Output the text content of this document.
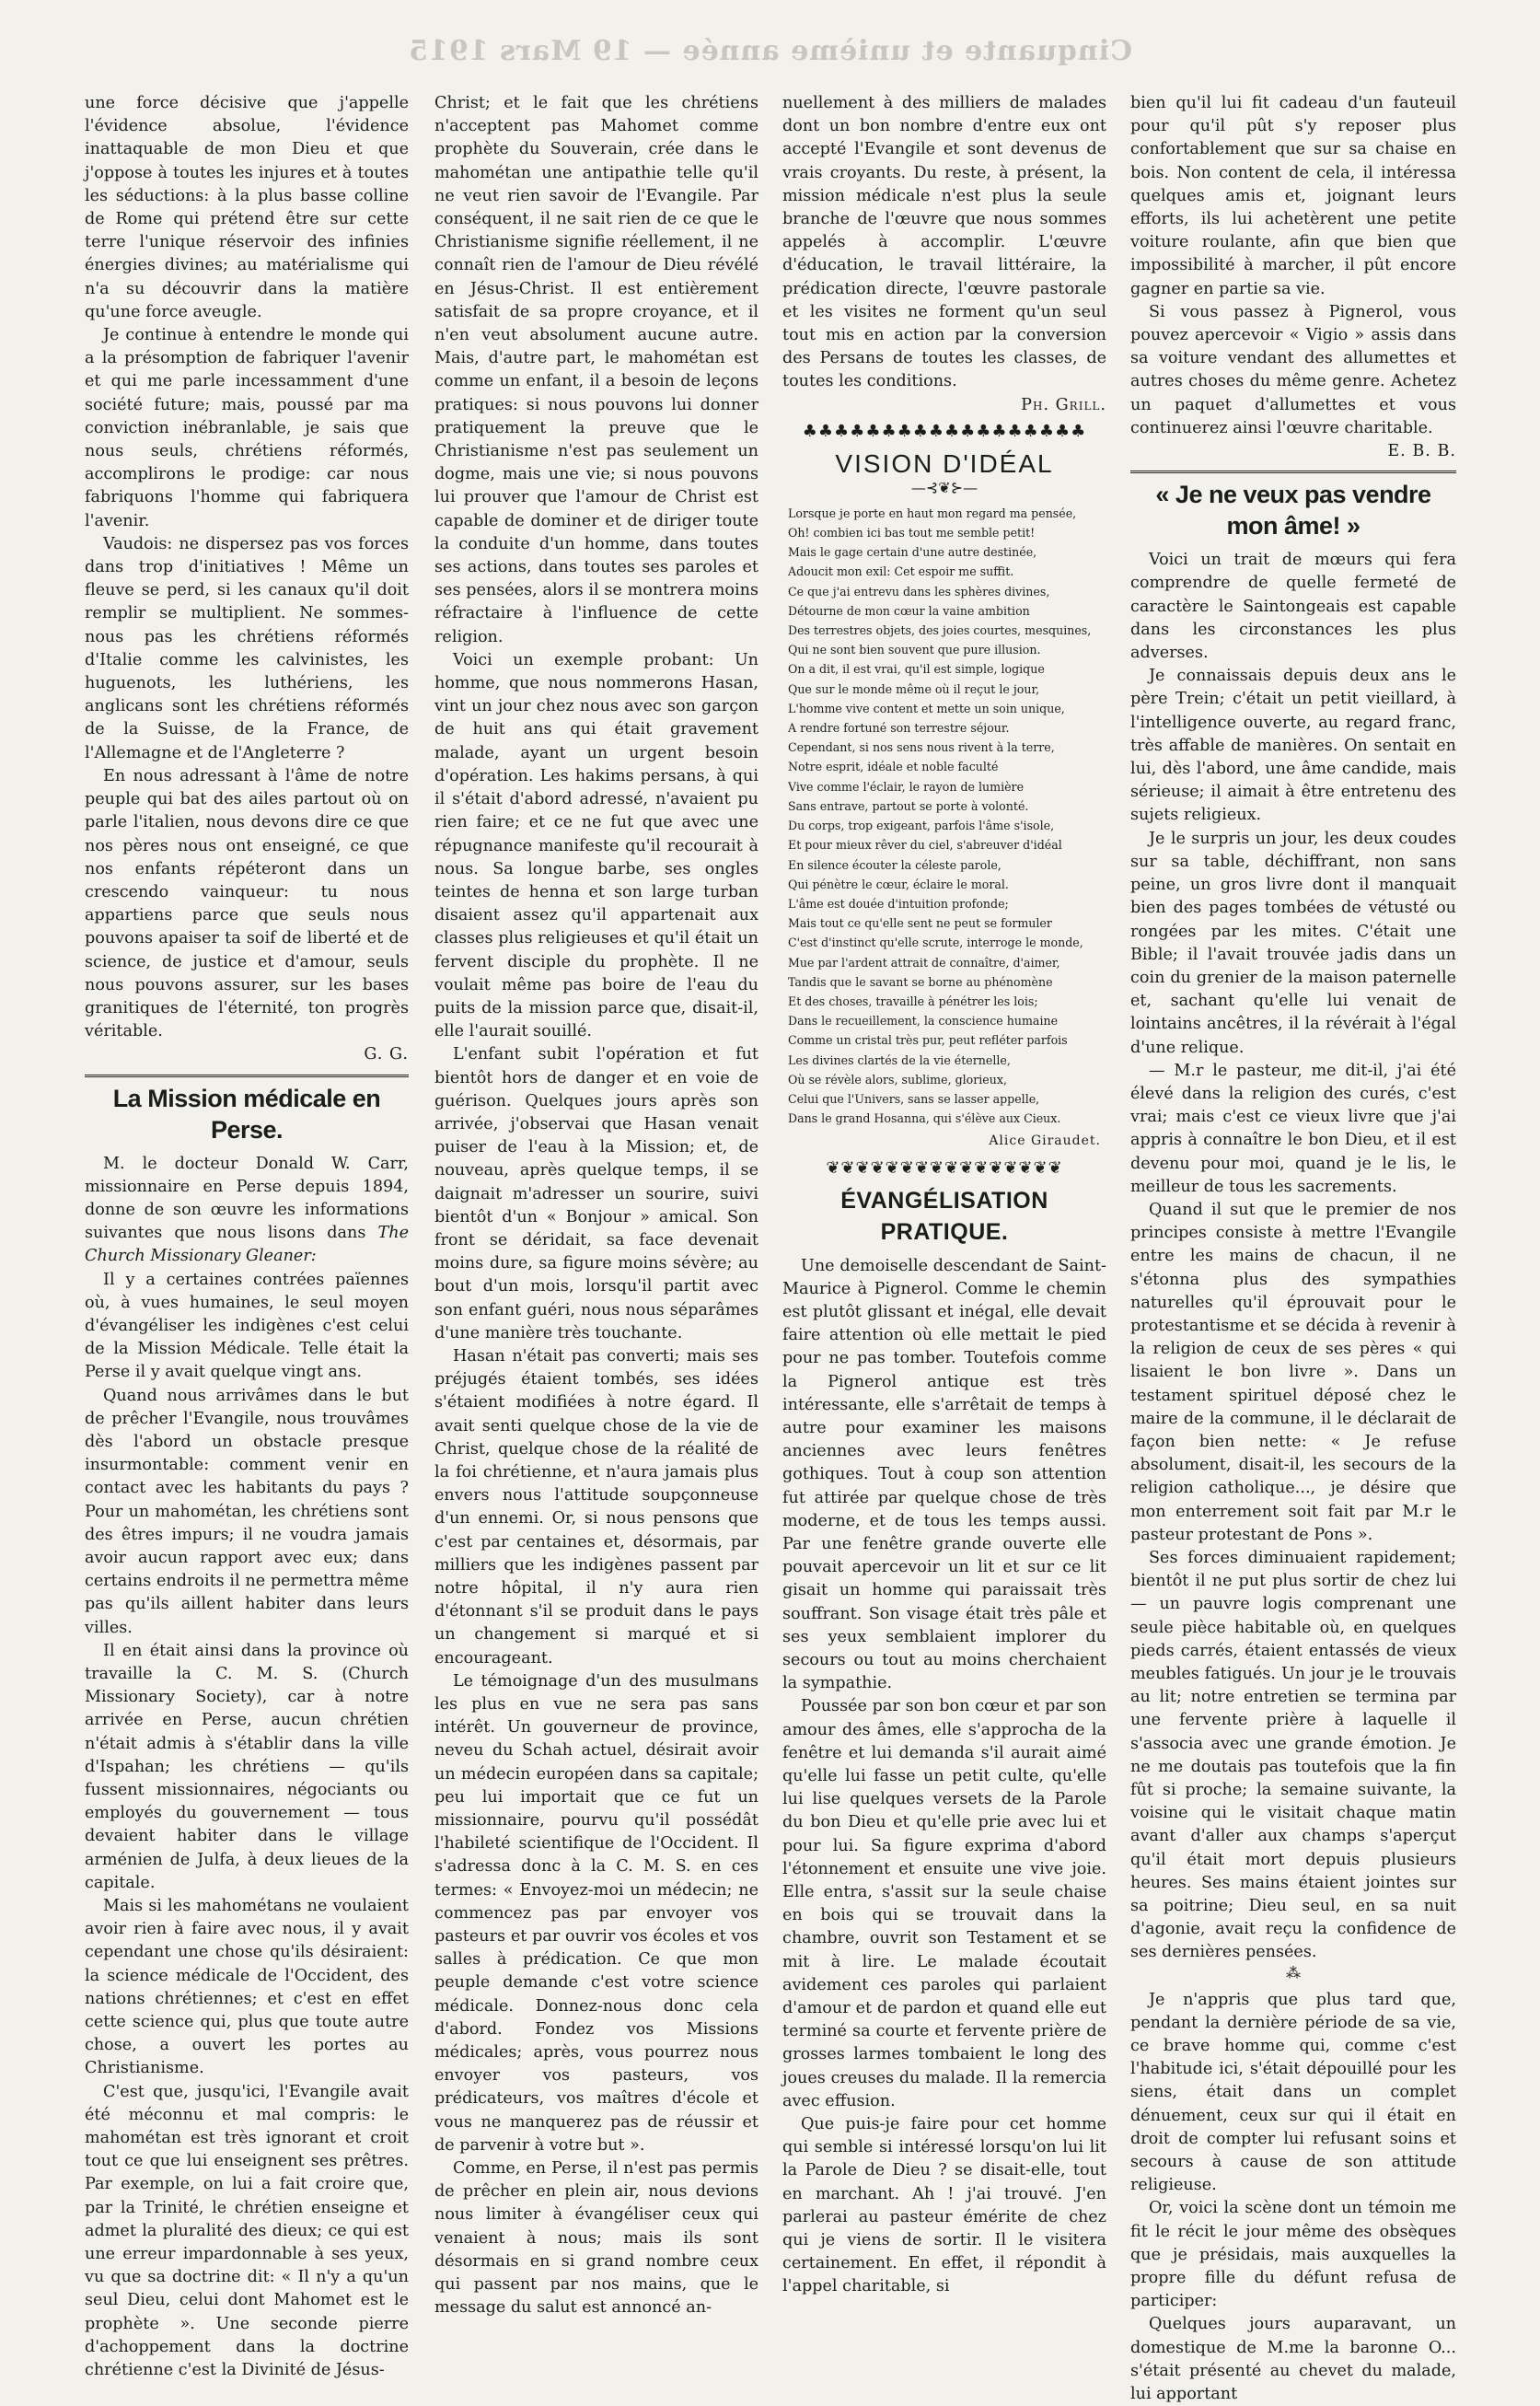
Cinquante et unième année — 19 Mars 1915

une force décisive que j'appelle l'évidence absolue, l'évidence inattaquable de mon Dieu et que j'oppose à toutes les injures et à toutes les séductions: à la plus basse colline de Rome qui prétend être sur cette terre l'unique réservoir des infinies énergies divines; au matérialisme qui n'a su découvrir dans la matière qu'une force aveugle.

Je continue à entendre le monde qui a la présomption de fabriquer l'avenir et qui me parle incessamment d'une société future; mais, poussé par ma conviction inébranlable, je sais que nous seuls, chrétiens réformés, accomplirons le prodige: car nous fabriquons l'homme qui fabriquera l'avenir.

Vaudois: ne dispersez pas vos forces dans trop d'initiatives ! Même un fleuve se perd, si les canaux qu'il doit remplir se multiplient. Ne sommes-nous pas les chrétiens réformés d'Italie comme les calvinistes, les huguenots, les luthériens, les anglicans sont les chrétiens réformés de la Suisse, de la France, de l'Allemagne et de l'Angleterre ?

En nous adressant à l'âme de notre peuple qui bat des ailes partout où on parle l'italien, nous devons dire ce que nos pères nous ont enseigné, ce que nos enfants répéteront dans un crescendo vainqueur: tu nous appartiens parce que seuls nous pouvons apaiser ta soif de liberté et de science, de justice et d'amour, seuls nous pouvons assurer, sur les bases granitiques de l'éternité, ton progrès véritable.

G. G.

La Mission médicale en Perse.

M. le docteur Donald W. Carr, missionnaire en Perse depuis 1894, donne de son œuvre les informations suivantes que nous lisons dans The Church Missionary Gleaner:

Il y a certaines contrées païennes où, à vues humaines, le seul moyen d'évangéliser les indigènes c'est celui de la Mission Médicale. Telle était la Perse il y avait quelque vingt ans.

Quand nous arrivâmes dans le but de prêcher l'Evangile, nous trouvâmes dès l'abord un obstacle presque insurmontable: comment venir en contact avec les habitants du pays ? Pour un mahométan, les chrétiens sont des êtres impurs; il ne voudra jamais avoir aucun rapport avec eux; dans certains endroits il ne permettra même pas qu'ils aillent habiter dans leurs villes.

Il en était ainsi dans la province où travaille la C. M. S. (Church Missionary Society), car à notre arrivée en Perse, aucun chrétien n'était admis à s'établir dans la ville d'Ispahan; les chrétiens — qu'ils fussent missionnaires, négociants ou employés du gouvernement — tous devaient habiter dans le village arménien de Julfa, à deux lieues de la capitale.

Mais si les mahométans ne voulaient avoir rien à faire avec nous, il y avait cependant une chose qu'ils désiraient: la science médicale de l'Occident, des nations chrétiennes; et c'est en effet cette science qui, plus que toute autre chose, a ouvert les portes au Christianisme.

C'est que, jusqu'ici, l'Evangile avait été méconnu et mal compris: le mahométan est très ignorant et croit tout ce que lui enseignent ses prêtres. Par exemple, on lui a fait croire que, par la Trinité, le chrétien enseigne et admet la pluralité des dieux; ce qui est une erreur impardonnable à ses yeux, vu que sa doctrine dit: « Il n'y a qu'un seul Dieu, celui dont Mahomet est le prophète ». Une seconde pierre d'achoppement dans la doctrine chrétienne c'est la Divinité de Jésus-

Christ; et le fait que les chrétiens n'acceptent pas Mahomet comme prophète du Souverain, crée dans le mahométan une antipathie telle qu'il ne veut rien savoir de l'Evangile. Par conséquent, il ne sait rien de ce que le Christianisme signifie réellement, il ne connaît rien de l'amour de Dieu révélé en Jésus-Christ. Il est entièrement satisfait de sa propre croyance, et il n'en veut absolument aucune autre. Mais, d'autre part, le mahométan est comme un enfant, il a besoin de leçons pratiques: si nous pouvons lui donner pratiquement la preuve que le Christianisme n'est pas seulement un dogme, mais une vie; si nous pouvons lui prouver que l'amour de Christ est capable de dominer et de diriger toute la conduite d'un homme, dans toutes ses actions, dans toutes ses paroles et ses pensées, alors il se montrera moins réfractaire à l'influence de cette religion.

Voici un exemple probant: Un homme, que nous nommerons Hasan, vint un jour chez nous avec son garçon de huit ans qui était gravement malade, ayant un urgent besoin d'opération. Les hakims persans, à qui il s'était d'abord adressé, n'avaient pu rien faire; et ce ne fut que avec une répugnance manifeste qu'il recourait à nous. Sa longue barbe, ses ongles teintes de henna et son large turban disaient assez qu'il appartenait aux classes plus religieuses et qu'il était un fervent disciple du prophète. Il ne voulait même pas boire de l'eau du puits de la mission parce que, disait-il, elle l'aurait souillé.

L'enfant subit l'opération et fut bientôt hors de danger et en voie de guérison. Quelques jours après son arrivée, j'observai que Hasan venait puiser de l'eau à la Mission; et, de nouveau, après quelque temps, il se daignait m'adresser un sourire, suivi bientôt d'un « Bonjour » amical. Son front se déridait, sa face devenait moins dure, sa figure moins sévère; au bout d'un mois, lorsqu'il partit avec son enfant guéri, nous nous séparâmes d'une manière très touchante.

Hasan n'était pas converti; mais ses préjugés étaient tombés, ses idées s'étaient modifiées à notre égard. Il avait senti quelque chose de la vie de Christ, quelque chose de la réalité de la foi chrétienne, et n'aura jamais plus envers nous l'attitude soupçonneuse d'un ennemi. Or, si nous pensons que c'est par centaines et, désormais, par milliers que les indigènes passent par notre hôpital, il n'y aura rien d'étonnant s'il se produit dans le pays un changement si marqué et si encourageant.

Le témoignage d'un des musulmans les plus en vue ne sera pas sans intérêt. Un gouverneur de province, neveu du Schah actuel, désirait avoir un médecin européen dans sa capitale; peu lui importait que ce fut un missionnaire, pourvu qu'il possédât l'habileté scientifique de l'Occident. Il s'adressa donc à la C. M. S. en ces termes: « Envoyez-moi un médecin; ne commencez pas par envoyer vos pasteurs et par ouvrir vos écoles et vos salles à prédication. Ce que mon peuple demande c'est votre science médicale. Donnez-nous donc cela d'abord. Fondez vos Missions médicales; après, vous pourrez nous envoyer vos pasteurs, vos prédicateurs, vos maîtres d'école et vous ne manquerez pas de réussir et de parvenir à votre but ».

Comme, en Perse, il n'est pas permis de prêcher en plein air, nous devions nous limiter à évangéliser ceux qui venaient à nous; mais ils sont désormais en si grand nombre ceux qui passent par nos mains, que le message du salut est annoncé an-

nuellement à des milliers de malades dont un bon nombre d'entre eux ont accepté l'Evangile et sont devenus de vrais croyants. Du reste, à présent, la mission médicale n'est plus la seule branche de l'œuvre que nous sommes appelés à accomplir. L'œuvre d'éducation, le travail littéraire, la prédication directe, l'œuvre pastorale et les visites ne forment qu'un seul tout mis en action par la conversion des Persans de toutes les classes, de toutes les conditions.

Ph. Grill.

♣♣♣♣♣♣♣♣♣♣♣♣♣♣♣♣♣♣
VISION D'IDÉAL
—⊰❦⊱—
Lorsque je porte en haut mon regard ma pensée,
Oh! combien ici bas tout me semble petit!
Mais le gage certain d'une autre destinée,
Adoucit mon exil: Cet espoir me suffit.
Ce que j'ai entrevu dans les sphères divines,
Détourne de mon cœur la vaine ambition
Des terrestres objets, des joies courtes, mesquines,
Qui ne sont bien souvent que pure illusion.
On a dit, il est vrai, qu'il est simple, logique
Que sur le monde même où il reçut le jour,
L'homme vive content et mette un soin unique,
A rendre fortuné son terrestre séjour.
Cependant, si nos sens nous rivent à la terre,
Notre esprit, idéale et noble faculté
Vive comme l'éclair, le rayon de lumière
Sans entrave, partout se porte à volonté.
Du corps, trop exigeant, parfois l'âme s'isole,
Et pour mieux rêver du ciel, s'abreuver d'idéal
En silence écouter la céleste parole,
Qui pénètre le cœur, éclaire le moral.
L'âme est douée d'intuition profonde;
Mais tout ce qu'elle sent ne peut se formuler
C'est d'instinct qu'elle scrute, interroge le monde,
Mue par l'ardent attrait de connaître, d'aimer,
Tandis que le savant se borne au phénomène
Et des choses, travaille à pénétrer les lois;
Dans le recueillement, la conscience humaine
Comme un cristal très pur, peut refléter parfois
Les divines clartés de la vie éternelle,
Où se révèle alors, sublime, glorieux,
Celui que l'Univers, sans se lasser appelle,
Dans le grand Hosanna, qui s'élève aux Cieux.
Alice Giraudet.
❦❦❦❦❦❦❦❦❦❦❦❦❦❦❦❦
ÉVANGÉLISATION PRATIQUE.

Une demoiselle descendant de Saint-Maurice à Pignerol. Comme le chemin est plutôt glissant et inégal, elle devait faire attention où elle mettait le pied pour ne pas tomber. Toutefois comme la Pignerol antique est très intéressante, elle s'arrêtait de temps à autre pour examiner les maisons anciennes avec leurs fenêtres gothiques. Tout à coup son attention fut attirée par quelque chose de très moderne, et de tous les temps aussi. Par une fenêtre grande ouverte elle pouvait apercevoir un lit et sur ce lit gisait un homme qui paraissait très souffrant. Son visage était très pâle et ses yeux semblaient implorer du secours ou tout au moins cherchaient la sympathie.

Poussée par son bon cœur et par son amour des âmes, elle s'approcha de la fenêtre et lui demanda s'il aurait aimé qu'elle lui fasse un petit culte, qu'elle lui lise quelques versets de la Parole du bon Dieu et qu'elle prie avec lui et pour lui. Sa figure exprima d'abord l'étonnement et ensuite une vive joie. Elle entra, s'assit sur la seule chaise en bois qui se trouvait dans la chambre, ouvrit son Testament et se mit à lire. Le malade écoutait avidement ces paroles qui parlaient d'amour et de pardon et quand elle eut terminé sa courte et fervente prière de grosses larmes tombaient le long des joues creuses du malade. Il la remercia avec effusion.

Que puis-je faire pour cet homme qui semble si intéressé lorsqu'on lui lit la Parole de Dieu ? se disait-elle, tout en marchant. Ah ! j'ai trouvé. J'en parlerai au pasteur émérite de chez qui je viens de sortir. Il le visitera certainement. En effet, il répondit à l'appel charitable, si

bien qu'il lui fit cadeau d'un fauteuil pour qu'il pût s'y reposer plus confortablement que sur sa chaise en bois. Non content de cela, il intéressa quelques amis et, joignant leurs efforts, ils lui achetèrent une petite voiture roulante, afin que bien que impossibilité à marcher, il pût encore gagner en partie sa vie.

Si vous passez à Pignerol, vous pouvez apercevoir « Vigio » assis dans sa voiture vendant des allumettes et autres choses du même genre. Achetez un paquet d'allumettes et vous continuerez ainsi l'œuvre charitable.

E. B. B.

« Je ne veux pas vendre mon âme! »

Voici un trait de mœurs qui fera comprendre de quelle fermeté de caractère le Saintongeais est capable dans les circonstances les plus adverses.

Je connaissais depuis deux ans le père Trein; c'était un petit vieillard, à l'intelligence ouverte, au regard franc, très affable de manières. On sentait en lui, dès l'abord, une âme candide, mais sérieuse; il aimait à être entretenu des sujets religieux.

Je le surpris un jour, les deux coudes sur sa table, déchiffrant, non sans peine, un gros livre dont il manquait bien des pages tombées de vétusté ou rongées par les mites. C'était une Bible; il l'avait trouvée jadis dans un coin du grenier de la maison paternelle et, sachant qu'elle lui venait de lointains ancêtres, il la révérait à l'égal d'une relique.

— M.r le pasteur, me dit-il, j'ai été élevé dans la religion des curés, c'est vrai; mais c'est ce vieux livre que j'ai appris à connaître le bon Dieu, et il est devenu pour moi, quand je le lis, le meilleur de tous les sacrements.

Quand il sut que le premier de nos principes consiste à mettre l'Evangile entre les mains de chacun, il ne s'étonna plus des sympathies naturelles qu'il éprouvait pour le protestantisme et se décida à revenir à la religion de ceux de ses pères « qui lisaient le bon livre ». Dans un testament spirituel déposé chez le maire de la commune, il le déclarait de façon bien nette: « Je refuse absolument, disait-il, les secours de la religion catholique..., je désire que mon enterrement soit fait par M.r le pasteur protestant de Pons ».

Ses forces diminuaient rapidement; bientôt il ne put plus sortir de chez lui — un pauvre logis comprenant une seule pièce habitable où, en quelques pieds carrés, étaient entassés de vieux meubles fatigués. Un jour je le trouvais au lit; notre entretien se termina par une fervente prière à laquelle il s'associa avec une grande émotion. Je ne me doutais pas toutefois que la fin fût si proche; la semaine suivante, la voisine qui le visitait chaque matin avant d'aller aux champs s'aperçut qu'il était mort depuis plusieurs heures. Ses mains étaient jointes sur sa poitrine; Dieu seul, en sa nuit d'agonie, avait reçu la confidence de ses dernières pensées.

⁂

Je n'appris que plus tard que, pendant la dernière période de sa vie, ce brave homme qui, comme c'est l'habitude ici, s'était dépouillé pour les siens, était dans un complet dénuement, ceux sur qui il était en droit de compter lui refusant soins et secours à cause de son attitude religieuse.

Or, voici la scène dont un témoin me fit le récit le jour même des obsèques que je présidais, mais auxquelles la propre fille du défunt refusa de participer:

Quelques jours auparavant, un domestique de M.me la baronne O... s'était présenté au chevet du malade, lui apportant
